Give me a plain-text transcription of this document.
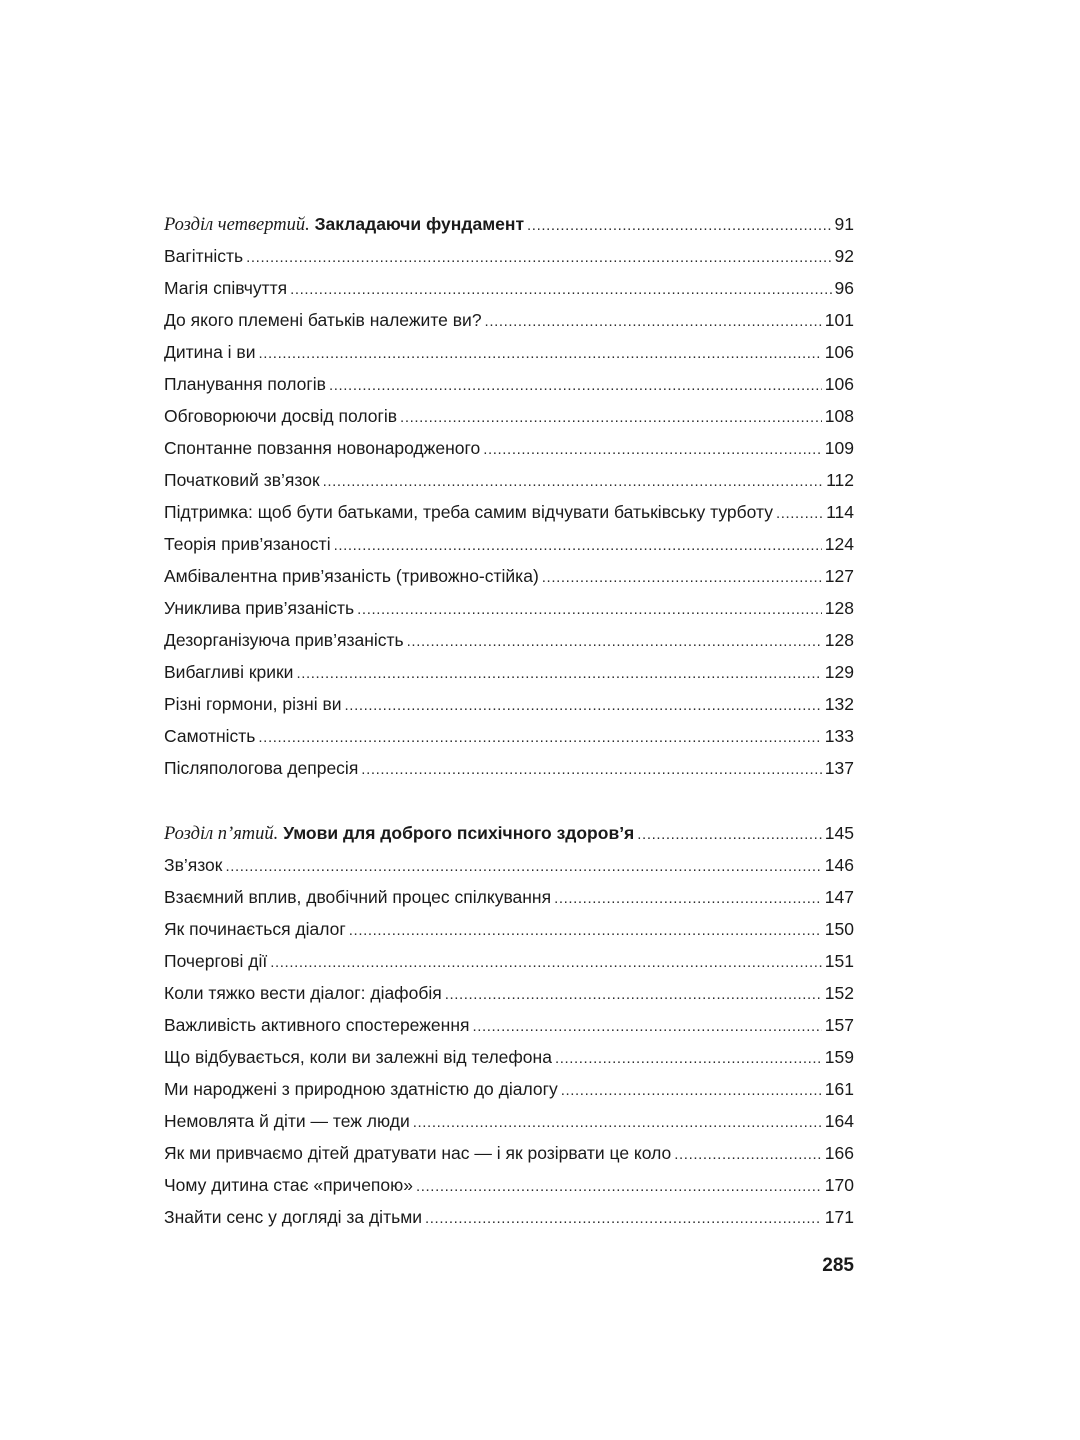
Розділ четвертий. Закладаючи фундамент .....	91
Вагітність .....	92
Магія співчуття .....	96
До якого племені батьків належите ви? .....	101
Дитина і ви .....	106
Планування пологів .....	106
Обговорюючи досвід пологів .....	108
Спонтанне повзання новонародженого .....	109
Початковий зв’язок .....	112
Підтримка: щоб бути батьками, треба самим відчувати батьківську турботу .....	114
Теорія прив’язаності .....	124
Амбівалентна прив’язаність (тривожно-стійка) .....	127
Униклива прив’язаність .....	128
Дезорганізуюча прив’язаність .....	128
Вибагливі крики .....	129
Різні гормони, різні ви .....	132
Самотність .....	133
Післяпологова депресія .....	137
Розділ п’ятий. Умови для доброго психічного здоров’я .....	145
Зв’язок .....	146
Взаємний вплив, двобічний процес спілкування .....	147
Як починається діалог .....	150
Почергові дії .....	151
Коли тяжко вести діалог: діафобія .....	152
Важливість активного спостереження .....	157
Що відбувається, коли ви залежні від телефона .....	159
Ми народжені з природною здатністю до діалогу .....	161
Немовлята й діти — теж люди .....	164
Як ми привчаємо дітей дратувати нас — і як розірвати це коло .....	166
Чому дитина стає «причепою» .....	170
Знайти сенс у догляді за дітьми .....	171
285
